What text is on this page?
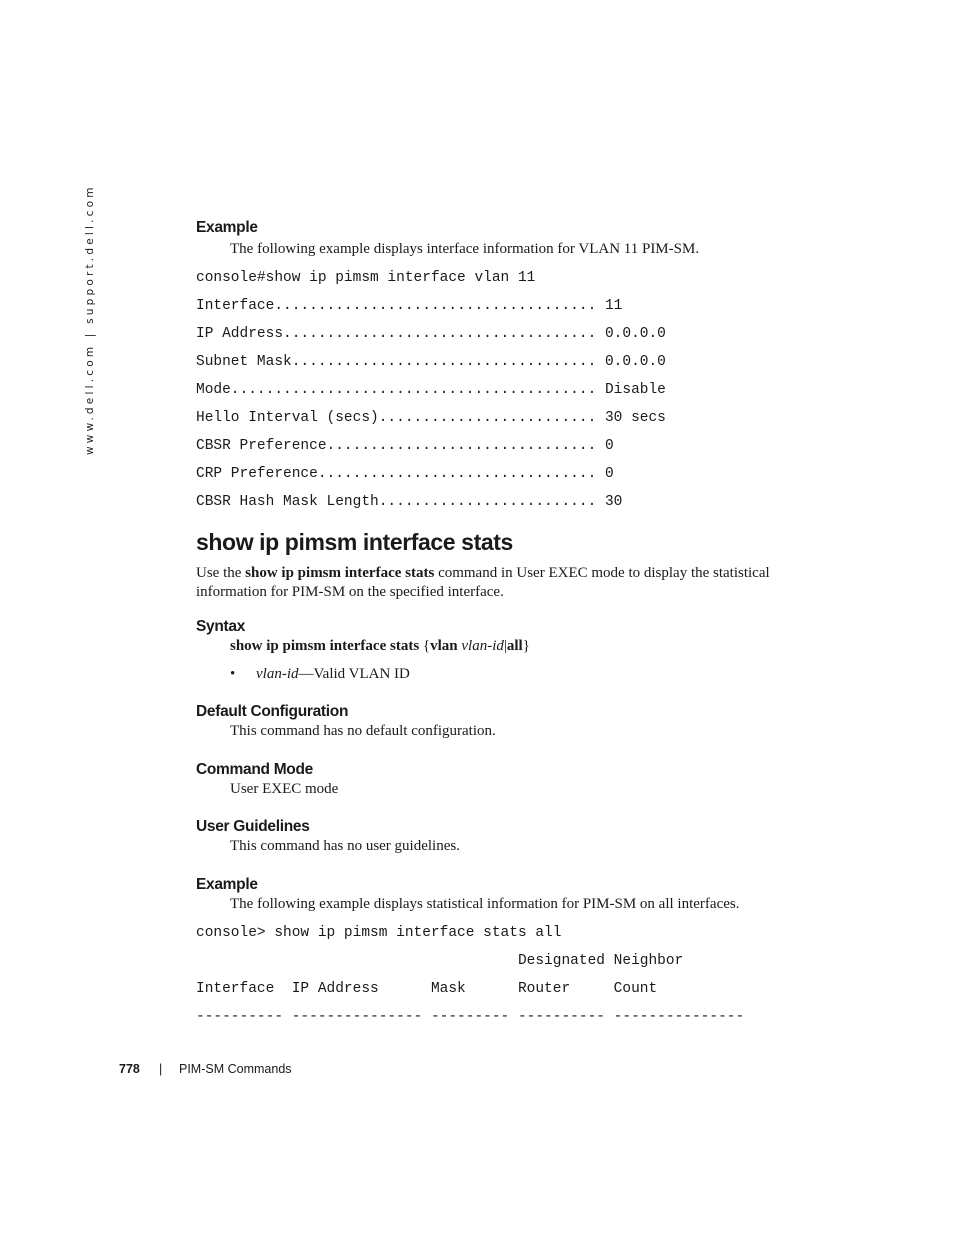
www.dell.com | support.dell.com	Example
The following example displays interface information for VLAN 11 PIM-SM.
console#show ip pimsm interface vlan 11
Interface..................................... 11
IP Address.................................... 0.0.0.0
Subnet Mask................................... 0.0.0.0
Mode.......................................... Disable
Hello Interval (secs)......................... 30 secs
CBSR Preference............................... 0
CRP Preference................................ 0
CBSR Hash Mask Length......................... 30
show ip pimsm interface stats
Use the show ip pimsm interface stats command in User EXEC mode to display the statistical information for PIM-SM on the specified interface.
Syntax
show ip pimsm interface stats {vlan vlan-id|all}
•	vlan-id—Valid VLAN ID
Default Configuration
This command has no default configuration.
Command Mode
User EXEC mode
User Guidelines
This command has no user guidelines.
Example
The following example displays statistical information for PIM-SM on all interfaces.
console> show ip pimsm interface stats all
Designated Neighbor
Interface  IP Address      Mask      Router     Count
---------- --------------- --------- ---------- ---------------
778 | PIM-SM Commands
